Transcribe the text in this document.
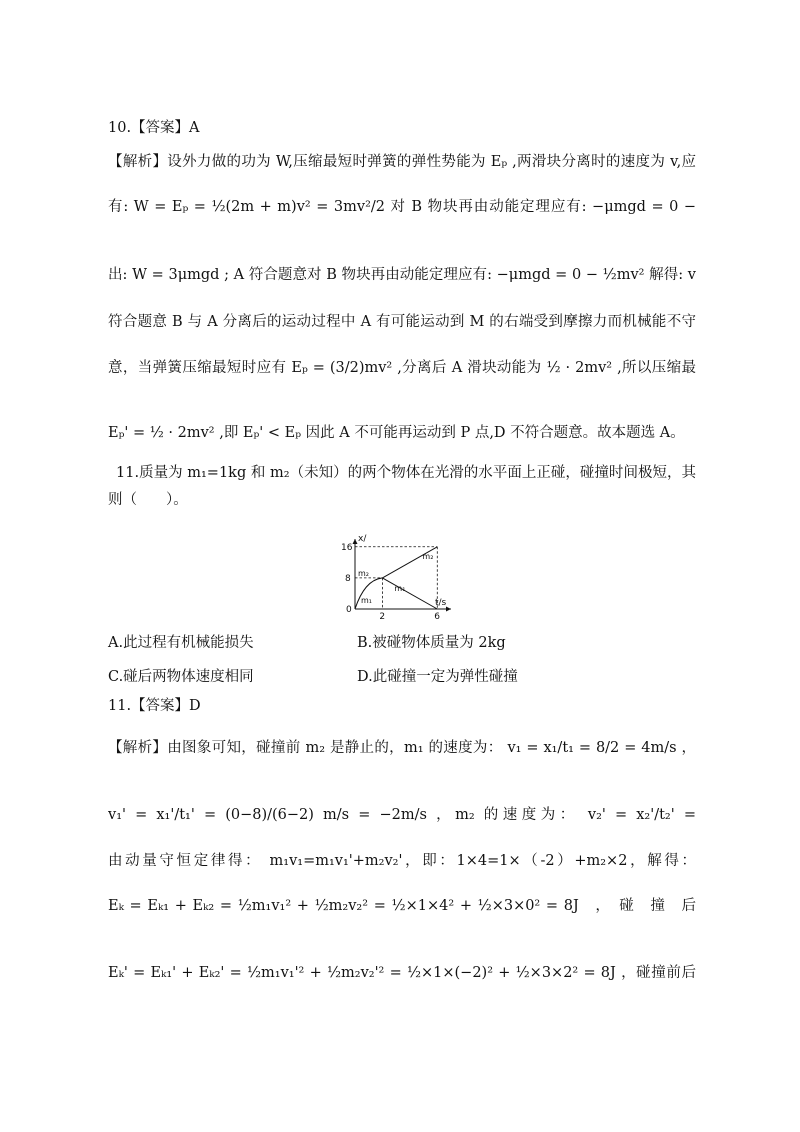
10.【答案】A
【解析】设外力做的功为 W,压缩最短时弹簧的弹性势能为 Eₚ ,两滑块分离时的速度为 v,应
有: W = Eₚ = ½(2m + m)v² = 3mv²/2 对 B 物块再由动能定理应有: −μmgd = 0 −
出: W = 3μmgd ; A 符合题意对 B 物块再由动能定理应有: −μmgd = 0 − ½mv² 解得: v
符合题意 B 与 A 分离后的运动过程中 A 有可能运动到 M 的右端受到摩擦力而机械能不守
意，当弹簧压缩最短时应有 Eₚ = (3/2)mv² ,分离后 A 滑块动能为 ½ · 2mv² ,所以压缩最
Eₚ' = ½ · 2mv² ,即 Eₚ' < Eₚ 因此 A 不可能再运动到 P 点,D 不符合题意。故本题选 A。
11.质量为 m₁=1kg 和 m₂（未知）的两个物体在光滑的水平面上正碰，碰撞时间极短，其
则（　　）。
16
8
0
2	6
x/
t/s
m₂
m₁
m₂
m₁
A.此过程有机械能损失	B.被碰物体质量为 2kg
C.碰后两物体速度相同	D.此碰撞一定为弹性碰撞
11.【答案】D
【解析】由图象可知，碰撞前 m₂ 是静止的，m₁ 的速度为： v₁ = x₁/t₁ = 8/2 = 4m/s ，
v₁' = x₁'/t₁' = (0−8)/(6−2) m/s = −2m/s ，m₂ 的速度为： v₂' = x₂'/t₂' =
由动量守恒定律得： m₁v₁=m₁v₁'+m₂v₂'，即：1×4=1×（-2）+m₂×2，解得：
Eₖ = Eₖ₁ + Eₖ₂ = ½m₁v₁² + ½m₂v₂² = ½×1×4² + ½×3×0² = 8J　，　碰　撞　后　　　　
Eₖ' = Eₖ₁' + Eₖ₂' = ½m₁v₁'² + ½m₂v₂'² = ½×1×(−2)² + ½×3×2² = 8J ，碰撞前后
